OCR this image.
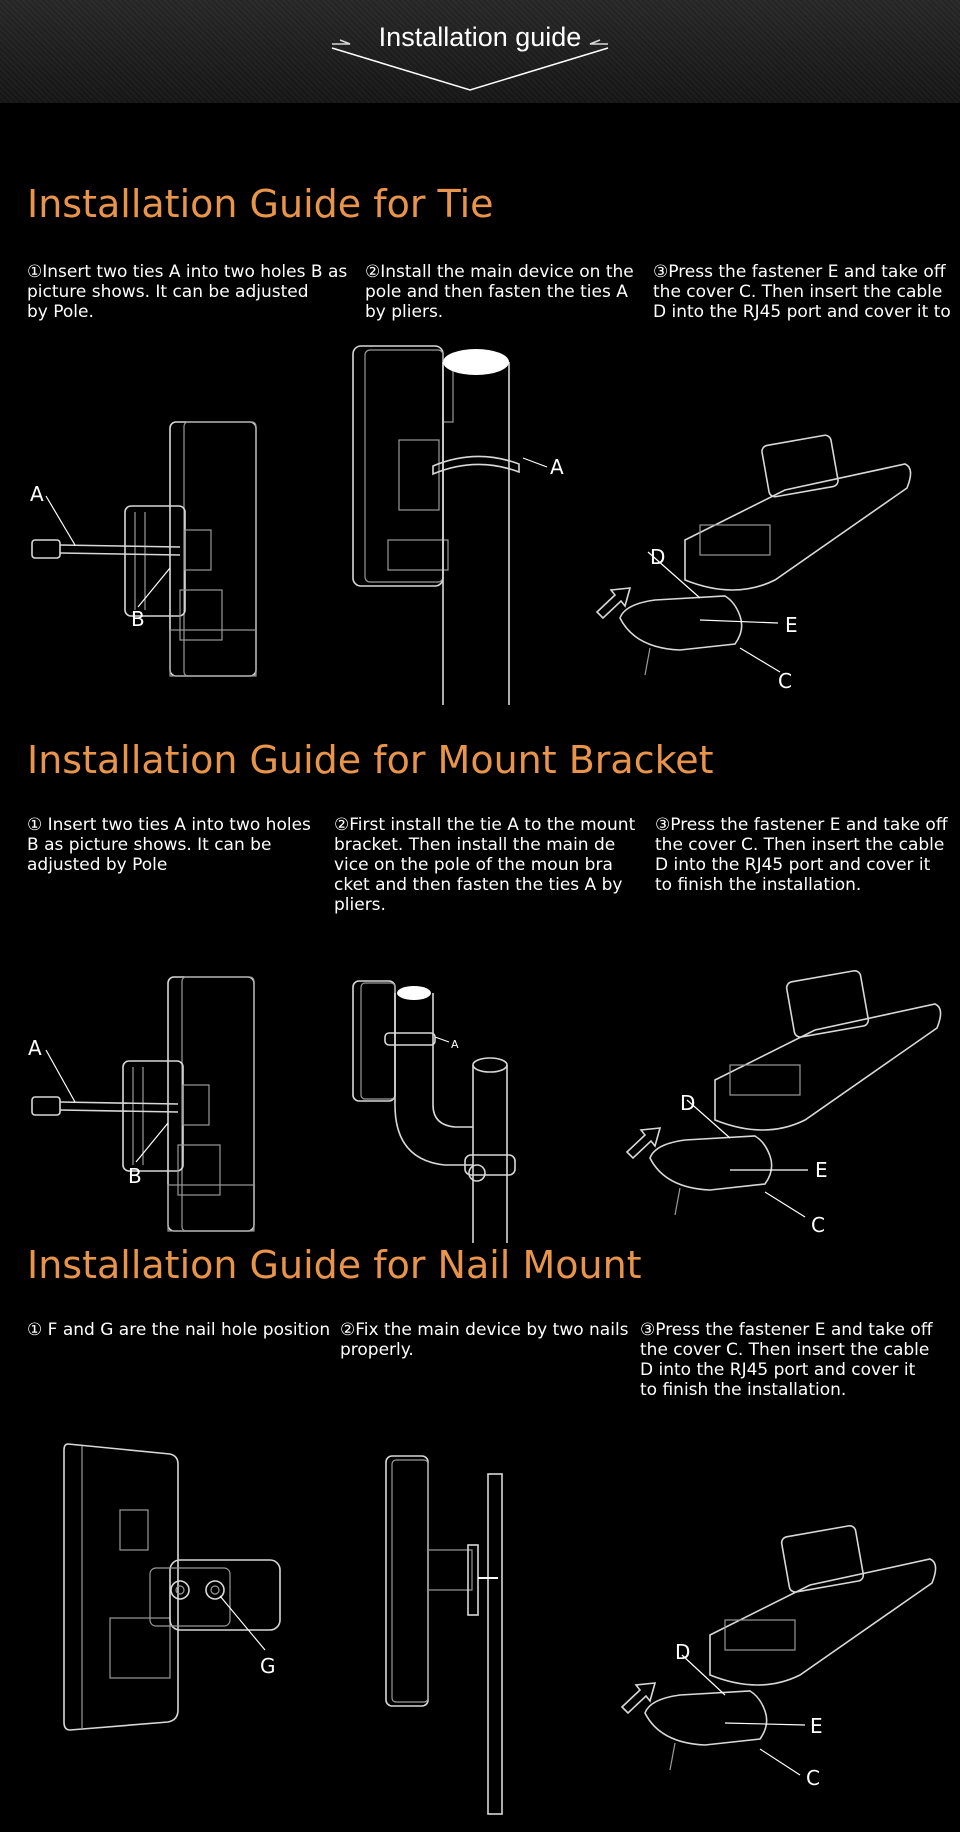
Installation guide
Installation Guide for Tie
①Insert two ties A into two holes B as
picture shows. It can be adjusted
by Pole.
②Install the main device on the
pole and then fasten the ties A
by pliers.
③Press the fastener E and take off
the cover C. Then insert the cable
D into the RJ45 port and cover it to
A
B
A
D
E
C
Installation Guide for Mount Bracket
① Insert two ties A into two holes
B as picture shows. It can be
adjusted by Pole
②First install the tie A to the mount
bracket. Then install the main de
vice on the pole of the moun bra
cket and then fasten the ties A by
pliers.
③Press the fastener E and take off
the cover C. Then insert the cable
D into the RJ45 port and cover it
to finish the installation.
A
B
A
D
E
C
Installation Guide for Nail Mount
① F and G are the nail hole position ②Fix the main device by two nails
properly.
③Press the fastener E and take off
the cover C. Then insert the cable
D into the RJ45 port and cover it
to finish the installation.
G
D
E
C
